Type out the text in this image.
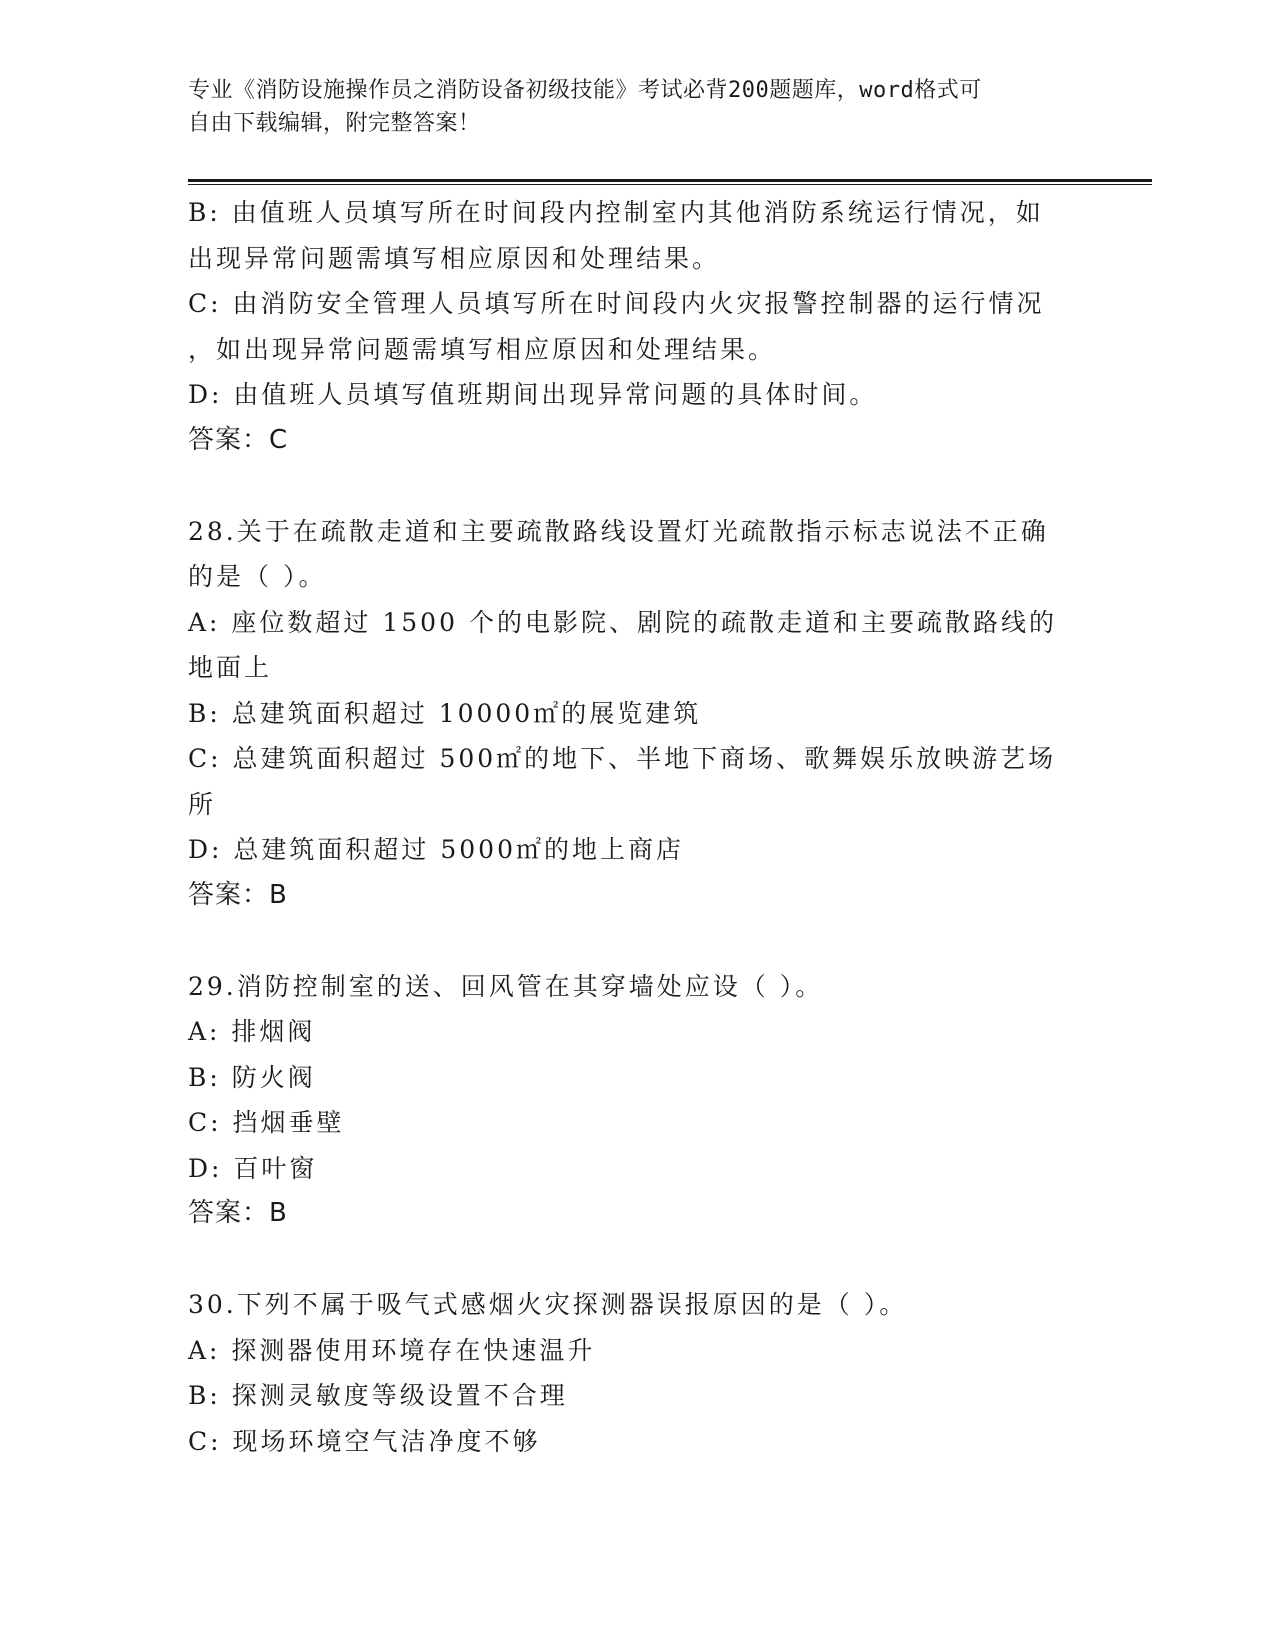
专业《消防设施操作员之消防设备初级技能》考试必背200题题库，word格式可
自由下载编辑，附完整答案！
B: 由值班人员填写所在时间段内控制室内其他消防系统运行情况，如
出现异常问题需填写相应原因和处理结果。
C: 由消防安全管理人员填写所在时间段内火灾报警控制器的运行情况
，如出现异常问题需填写相应原因和处理结果。
D: 由值班人员填写值班期间出现异常问题的具体时间。
答案：C
28.关于在疏散走道和主要疏散路线设置灯光疏散指示标志说法不正确
的是（ ）。
A: 座位数超过 1500 个的电影院、剧院的疏散走道和主要疏散路线的
地面上
B: 总建筑面积超过 10000㎡的展览建筑
C: 总建筑面积超过 500㎡的地下、半地下商场、歌舞娱乐放映游艺场
所
D: 总建筑面积超过 5000㎡的地上商店
答案：B
29.消防控制室的送、回风管在其穿墙处应设（ ）。
A: 排烟阀
B: 防火阀
C: 挡烟垂壁
D: 百叶窗
答案：B
30.下列不属于吸气式感烟火灾探测器误报原因的是（ ）。
A: 探测器使用环境存在快速温升
B: 探测灵敏度等级设置不合理
C: 现场环境空气洁净度不够
